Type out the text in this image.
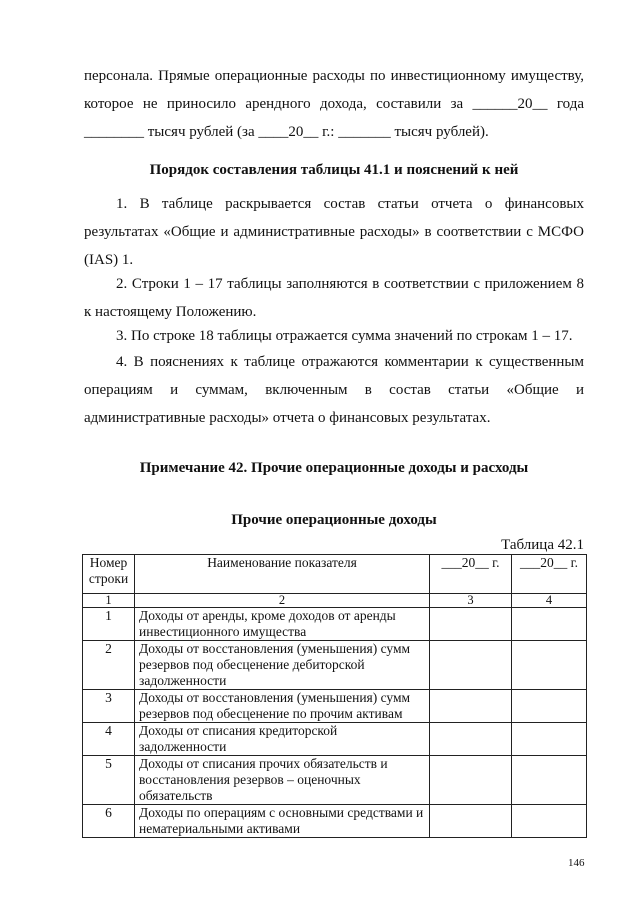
персонала. Прямые операционные расходы по инвестиционному имуществу,
которое не приносило арендного дохода, составили за ______20__ года
________ тысяч рублей (за ____20__ г.: _______ тысяч рублей).
Порядок составления таблицы 41.1 и пояснений к ней
1. В таблице раскрывается состав статьи отчета о финансовых результатах «Общие и административные расходы» в соответствии с МСФО (IAS) 1.
2. Строки 1 – 17 таблицы заполняются в соответствии с приложением 8 к настоящему Положению.
3. По строке 18 таблицы отражается сумма значений по строкам 1 – 17.
4. В пояснениях к таблице отражаются комментарии к существенным операциям и суммам, включенным в состав статьи «Общие и административные расходы» отчета о финансовых результатах.
Примечание 42. Прочие операционные доходы и расходы
Прочие операционные доходы
Таблица 42.1
Номер строки	Наименование показателя	___20__ г.	___20__ г.
1	2	3	4
1	Доходы от аренды, кроме доходов от аренды инвестиционного имущества		
2	Доходы от восстановления (уменьшения) сумм резервов под обесценение дебиторской задолженности		
3	Доходы от восстановления (уменьшения) сумм резервов под обесценение по прочим активам		
4	Доходы от списания кредиторской задолженности		
5	Доходы от списания прочих обязательств и восстановления резервов – оценочных обязательств		
6	Доходы по операциям с основными средствами и нематериальными активами		
146
